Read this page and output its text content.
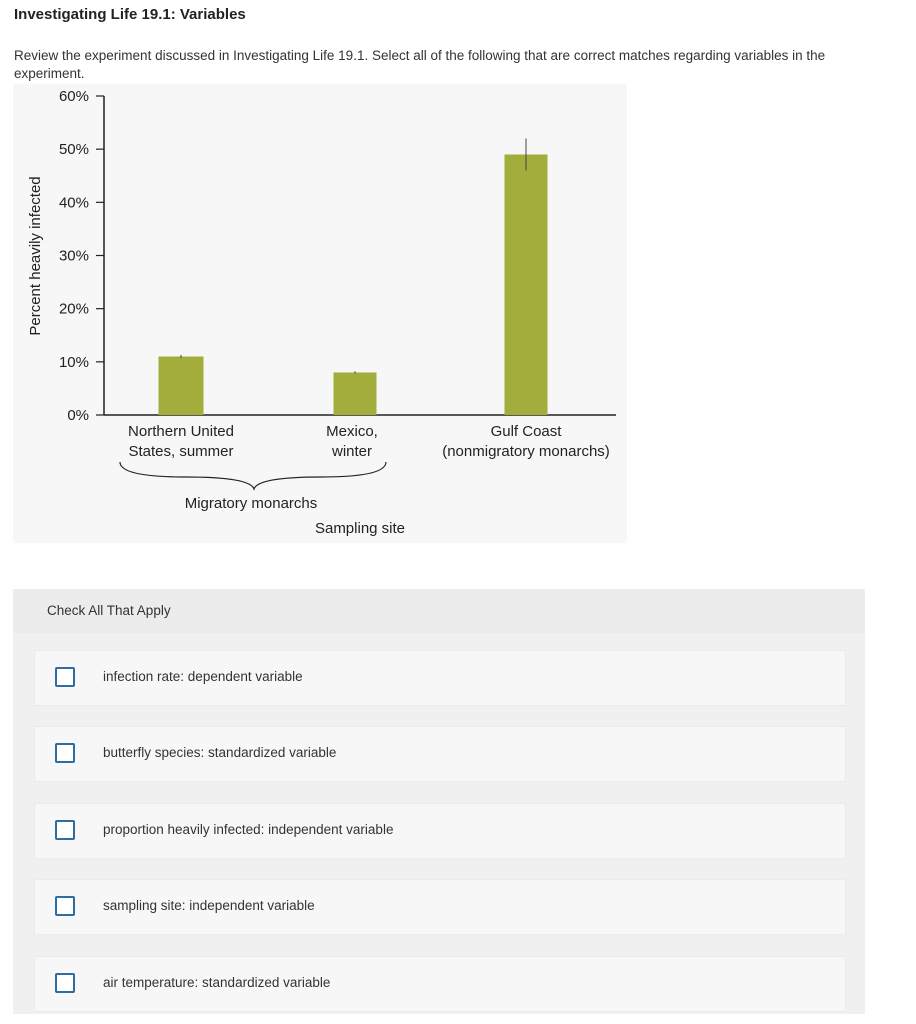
Investigating Life 19.1: Variables
Review the experiment discussed in Investigating Life 19.1. Select all of the following that are correct matches regarding variables in the experiment.
0%
10%
20%
30%
40%
50%
60%
Percent heavily infected
Northern United
States, summer
Mexico,
winter
Gulf Coast
(nonmigratory monarchs)
Migratory monarchs
Sampling site
Check All That Apply
infection rate: dependent variable
butterfly species: standardized variable
proportion heavily infected: independent variable
sampling site: independent variable
air temperature: standardized variable
